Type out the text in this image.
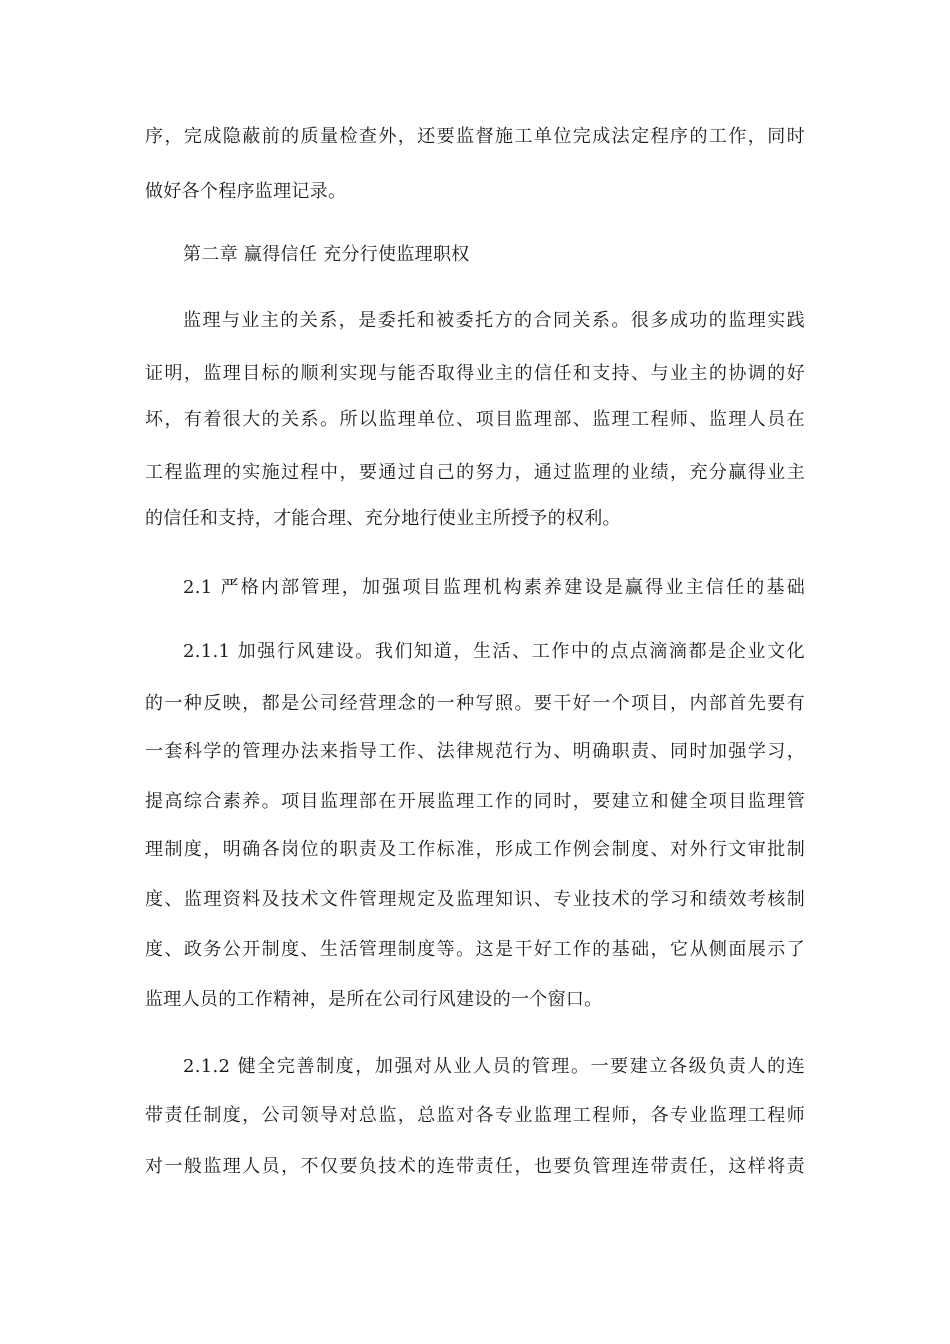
序，完成隐蔽前的质量检查外，还要监督施工单位完成法定程序的工作，同时
做好各个程序监理记录。
第二章 赢得信任 充分行使监理职权
监理与业主的关系，是委托和被委托方的合同关系。很多成功的监理实践
证明，监理目标的顺利实现与能否取得业主的信任和支持、与业主的协调的好
坏，有着很大的关系。所以监理单位、项目监理部、监理工程师、监理人员在
工程监理的实施过程中，要通过自己的努力，通过监理的业绩，充分赢得业主
的信任和支持，才能合理、充分地行使业主所授予的权利。
2.1 严格内部管理，加强项目监理机构素养建设是赢得业主信任的基础
2.1.1 加强行风建设。我们知道，生活、工作中的点点滴滴都是企业文化
的一种反映，都是公司经营理念的一种写照。要干好一个项目，内部首先要有
一套科学的管理办法来指导工作、法律规范行为、明确职责、同时加强学习，
提高综合素养。项目监理部在开展监理工作的同时，要建立和健全项目监理管
理制度，明确各岗位的职责及工作标准，形成工作例会制度、对外行文审批制
度、监理资料及技术文件管理规定及监理知识、专业技术的学习和绩效考核制
度、政务公开制度、生活管理制度等。这是干好工作的基础，它从侧面展示了
监理人员的工作精神，是所在公司行风建设的一个窗口。
2.1.2 健全完善制度，加强对从业人员的管理。一要建立各级负责人的连
带责任制度，公司领导对总监，总监对各专业监理工程师，各专业监理工程师
对一般监理人员，不仅要负技术的连带责任，也要负管理连带责任，这样将责
